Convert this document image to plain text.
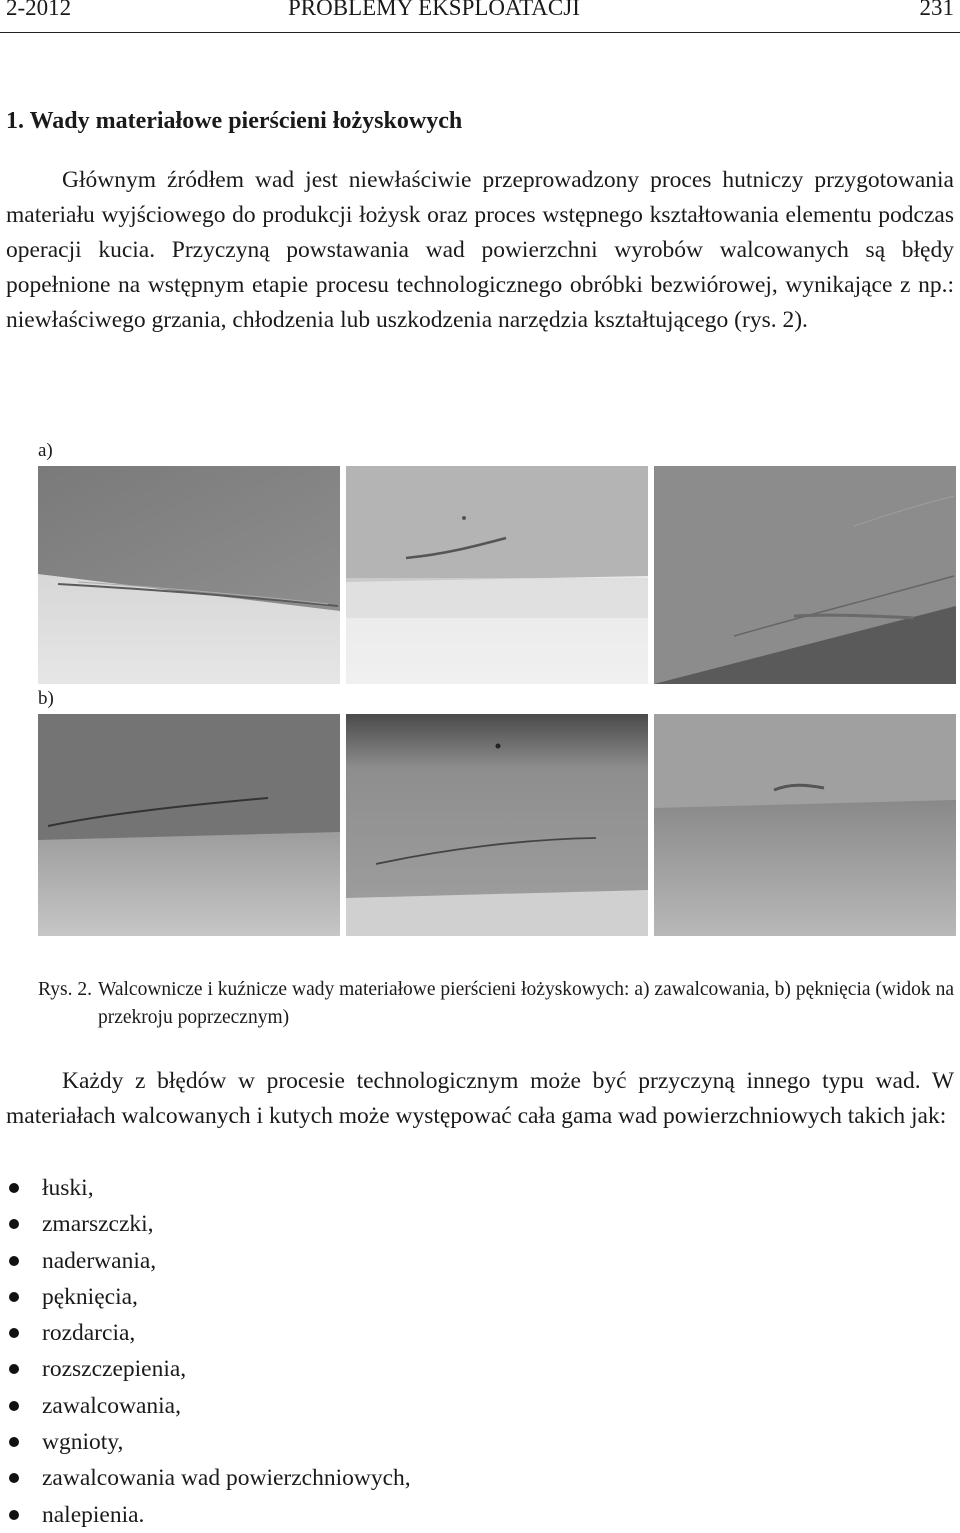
2-2012	PROBLEMY EKSPLOATACJI	231
1. Wady materiałowe pierścieni łożyskowych

Głównym źródłem wad jest niewłaściwie przeprowadzony proces hutniczy przygotowania materiału wyjściowego do produkcji łożysk oraz proces wstępnego kształtowania elementu podczas operacji kucia. Przyczyną powstawania wad powierzchni wyrobów walcowanych są błędy popełnione na wstępnym etapie procesu technologicznego obróbki bezwiórowej, wynikające z np.: niewłaściwego grzania, chłodzenia lub uszkodzenia narzędzia kształtującego (rys. 2).

a)
b)
Rys. 2. Walcownicze i kuźnicze wady materiałowe pierścieni łożyskowych: a) zawalcowania, b) pęknięcia (widok na przekroju poprzecznym)

Każdy z błędów w procesie technologicznym może być przyczyną innego typu wad. W materiałach walcowanych i kutych może występować cała gama wad powierzchniowych takich jak:

łuski,
zmarszczki,
naderwania,
pęknięcia,
rozdarcia,
rozszczepienia,
zawalcowania,
wgnioty,
zawalcowania wad powierzchniowych,
nalepienia.
